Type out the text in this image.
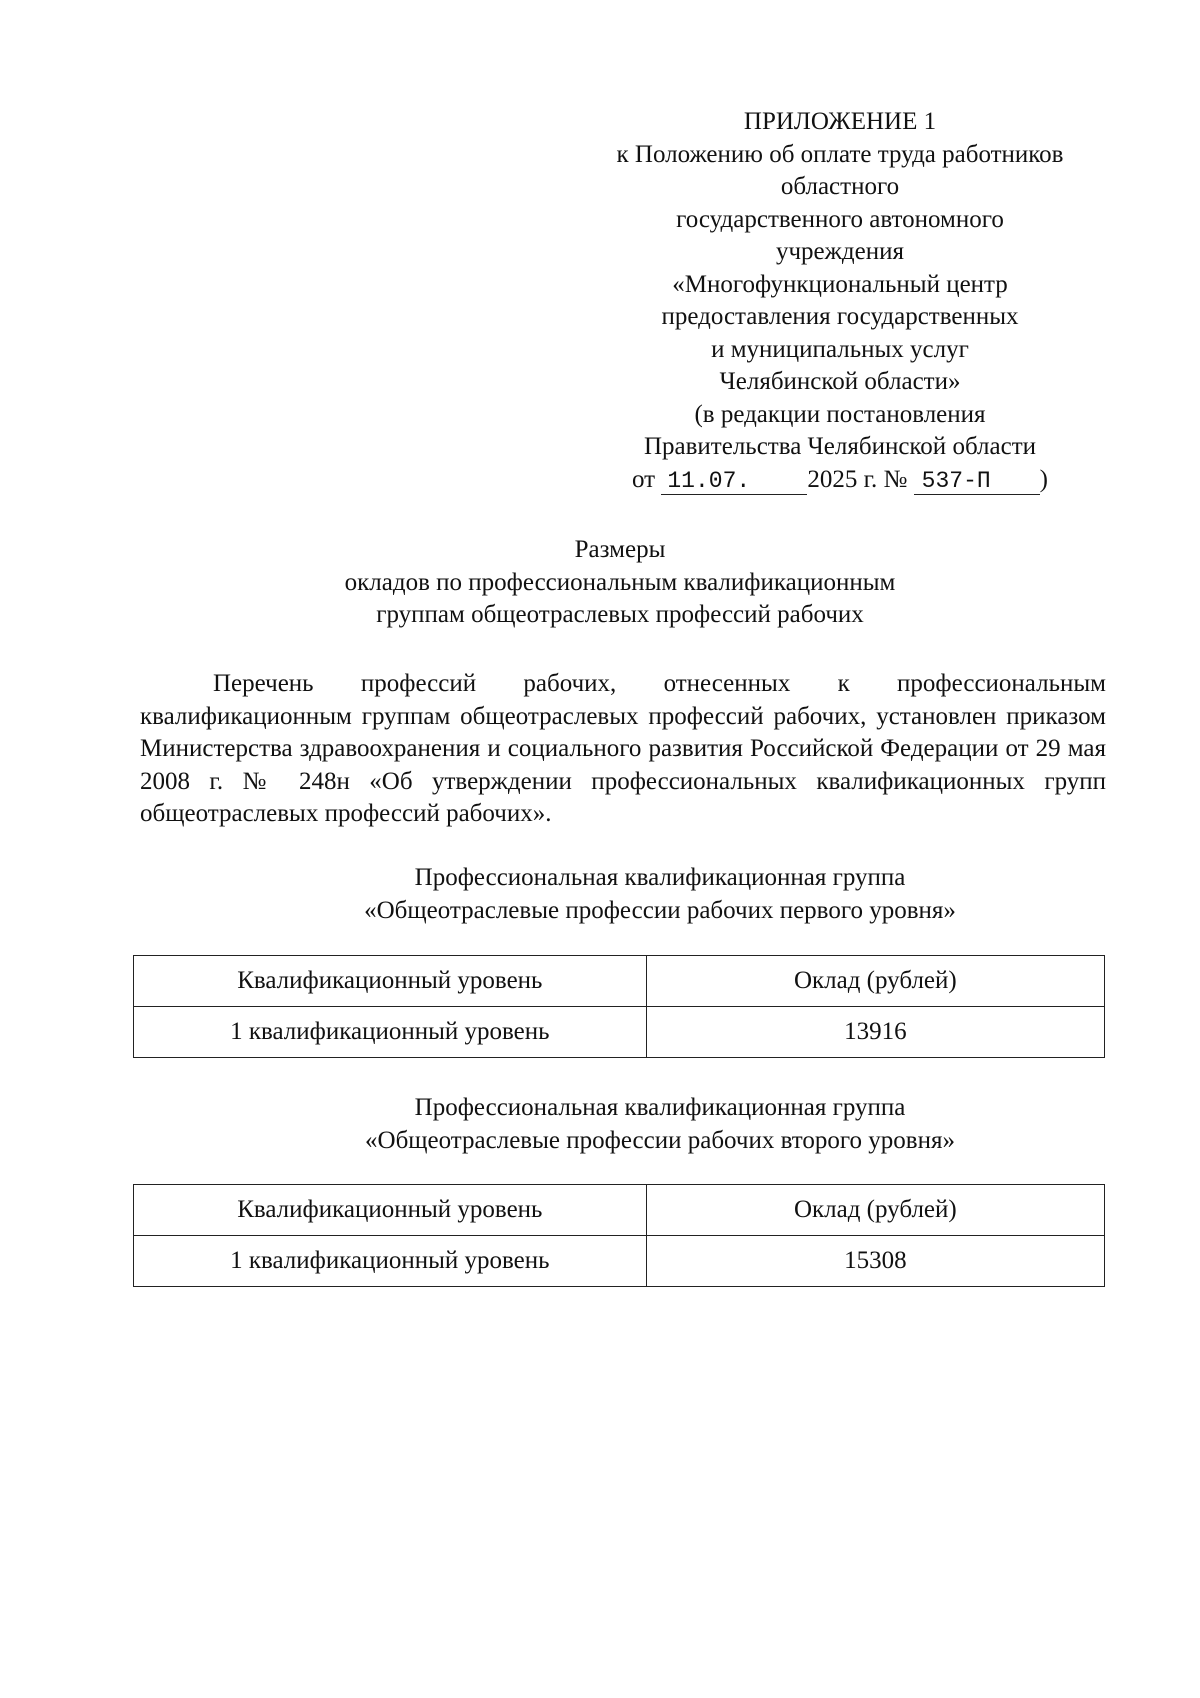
ПРИЛОЖЕНИЕ 1
к Положению об оплате труда работников
областного
государственного автономного
учреждения
«Многофункциональный центр
предоставления государственных
и муниципальных услуг
Челябинской области»
(в редакции постановления
Правительства Челябинской области
от 11.07. 2025 г. № 537-П )
Размеры
окладов по профессиональным квалификационным
группам общеотраслевых профессий рабочих
Перечень профессий рабочих, отнесенных к профессиональным квалификационным группам общеотраслевых профессий рабочих, установлен приказом Министерства здравоохранения и социального развития Российской Федерации от 29 мая 2008 г. № 248н «Об утверждении профессиональных квалификационных групп общеотраслевых профессий рабочих».
Профессиональная квалификационная группа
«Общеотраслевые профессии рабочих первого уровня»
Квалификационный уровень	Оклад (рублей)
1 квалификационный уровень	13916
Профессиональная квалификационная группа
«Общеотраслевые профессии рабочих второго уровня»
Квалификационный уровень	Оклад (рублей)
1 квалификационный уровень	15308
